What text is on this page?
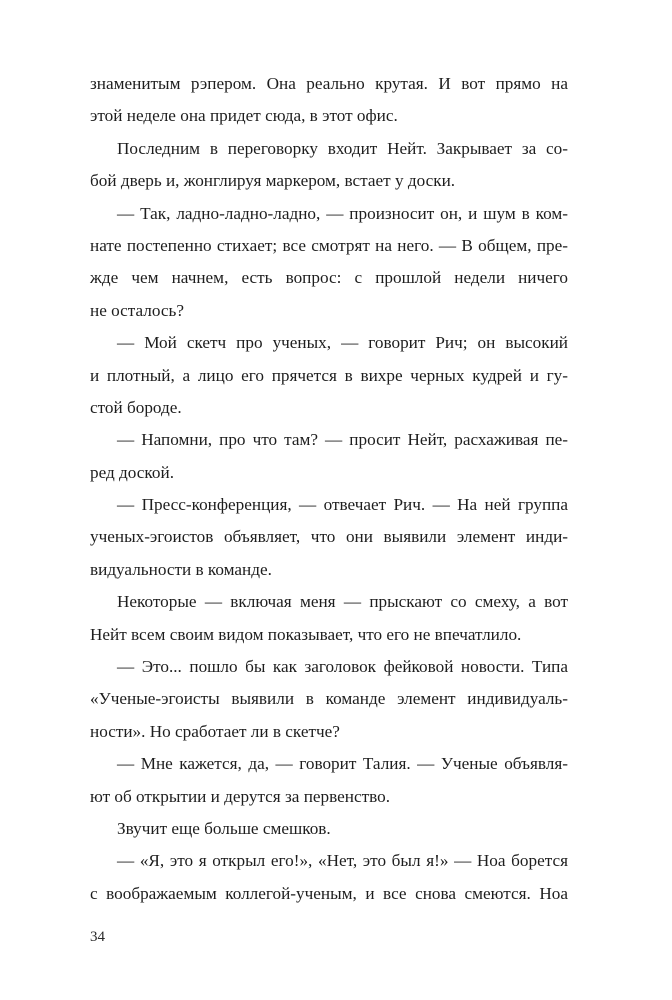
знаменитым рэпером. Она реально крутая. И вот прямо на
этой неделе она придет сюда, в этот офис.
Последним в переговорку входит Нейт. Закрывает за со-
бой дверь и, жонглируя маркером, встает у доски.
— Так, ладно-ладно-ладно, — произносит он, и шум в ком-
нате постепенно стихает; все смотрят на него. — В общем, пре-
жде чем начнем, есть вопрос: с прошлой недели ничего
не осталось?
— Мой скетч про ученых, — говорит Рич; он высокий
и плотный, а лицо его прячется в вихре черных кудрей и гу-
стой бороде.
— Напомни, про что там? — просит Нейт, расхаживая пе-
ред доской.
— Пресс-конференция, — отвечает Рич. — На ней группа
ученых-эгоистов объявляет, что они выявили элемент инди-
видуальности в команде.
Некоторые — включая меня — прыскают со смеху, а вот
Нейт всем своим видом показывает, что его не впечатлило.
— Это... пошло бы как заголовок фейковой новости. Типа
«Ученые-эгоисты выявили в команде элемент индивидуаль-
ности». Но сработает ли в скетче?
— Мне кажется, да, — говорит Талия. — Ученые объявля-
ют об открытии и дерутся за первенство.
Звучит еще больше смешков.
— «Я, это я открыл его!», «Нет, это был я!» — Ноа борется
с воображаемым коллегой-ученым, и все снова смеются. Ноа
34
